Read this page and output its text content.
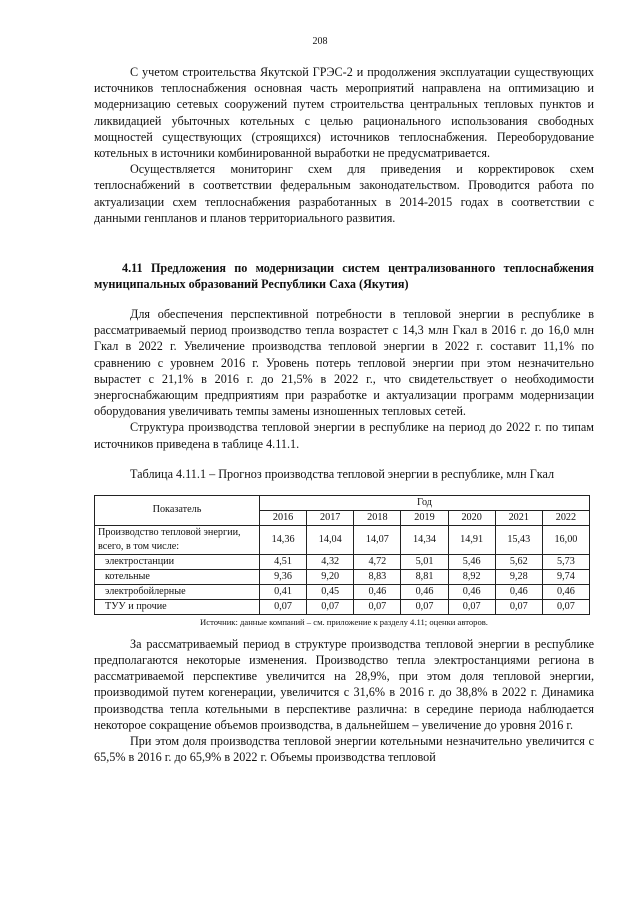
208

С учетом строительства Якутской ГРЭС-2 и продолжения эксплуатации существующих источников теплоснабжения основная часть мероприятий направлена на оптимизацию и модернизацию сетевых сооружений путем строительства центральных тепловых пунктов и ликвидацией убыточных котельных с целью рационального использования свободных мощностей существующих (строящихся) источников теплоснабжения. Переоборудование котельных в источники комбинированной выработки не предусматривается.

Осуществляется мониторинг схем для приведения и корректировок схем теплоснабжений в соответствии федеральным законодательством. Проводится работа по актуализации схем теплоснабжения разработанных в 2014-2015 годах в соответствии с данными генпланов и планов территориального развития.

4.11 Предложения по модернизации систем централизованного теплоснабжения муниципальных образований Республики Саха (Якутия)

Для обеспечения перспективной потребности в тепловой энергии в республике в рассматриваемый период производство тепла возрастет с 14,3 млн Гкал в 2016 г. до 16,0 млн Гкал в 2022 г. Увеличение производства тепловой энергии в 2022 г. составит 11,1% по сравнению с уровнем 2016 г. Уровень потерь тепловой энергии при этом незначительно вырастет с 21,1% в 2016 г. до 21,5% в 2022 г., что свидетельствует о необходимости энергоснабжающим предприятиям при разработке и актуализации программ модернизации оборудования увеличивать темпы замены изношенных тепловых сетей.

Структура производства тепловой энергии в республике на период до 2022 г. по типам источников приведена в таблице 4.11.1.

Таблица 4.11.1 – Прогноз производства тепловой энергии в республике, млн Гкал
Показатель	Год						
	2016	2017	2018	2019	2020	2021	2022
Производство тепловой энергии, всего, в том числе:	14,36	14,04	14,07	14,34	14,91	15,43	16,00
электростанции	4,51	4,32	4,72	5,01	5,46	5,62	5,73
котельные	9,36	9,20	8,83	8,81	8,92	9,28	9,74
электробойлерные	0,41	0,45	0,46	0,46	0,46	0,46	0,46
ТУУ и прочие	0,07	0,07	0,07	0,07	0,07	0,07	0,07
Источник: данные компаний – см. приложение к разделу 4.11; оценки авторов.

За рассматриваемый период в структуре производства тепловой энергии в республике предполагаются некоторые изменения. Производство тепла электростанциями региона в рассматриваемой перспективе увеличится на 28,9%, при этом доля тепловой энергии, производимой путем когенерации, увеличится с 31,6% в 2016 г. до 38,8% в 2022 г. Динамика производства тепла котельными в перспективе различна: в середине периода наблюдается некоторое сокращение объемов производства, в дальнейшем – увеличение до уровня 2016 г.

При этом доля производства тепловой энергии котельными незначительно увеличится с 65,5% в 2016 г. до 65,9% в 2022 г. Объемы производства тепловой
